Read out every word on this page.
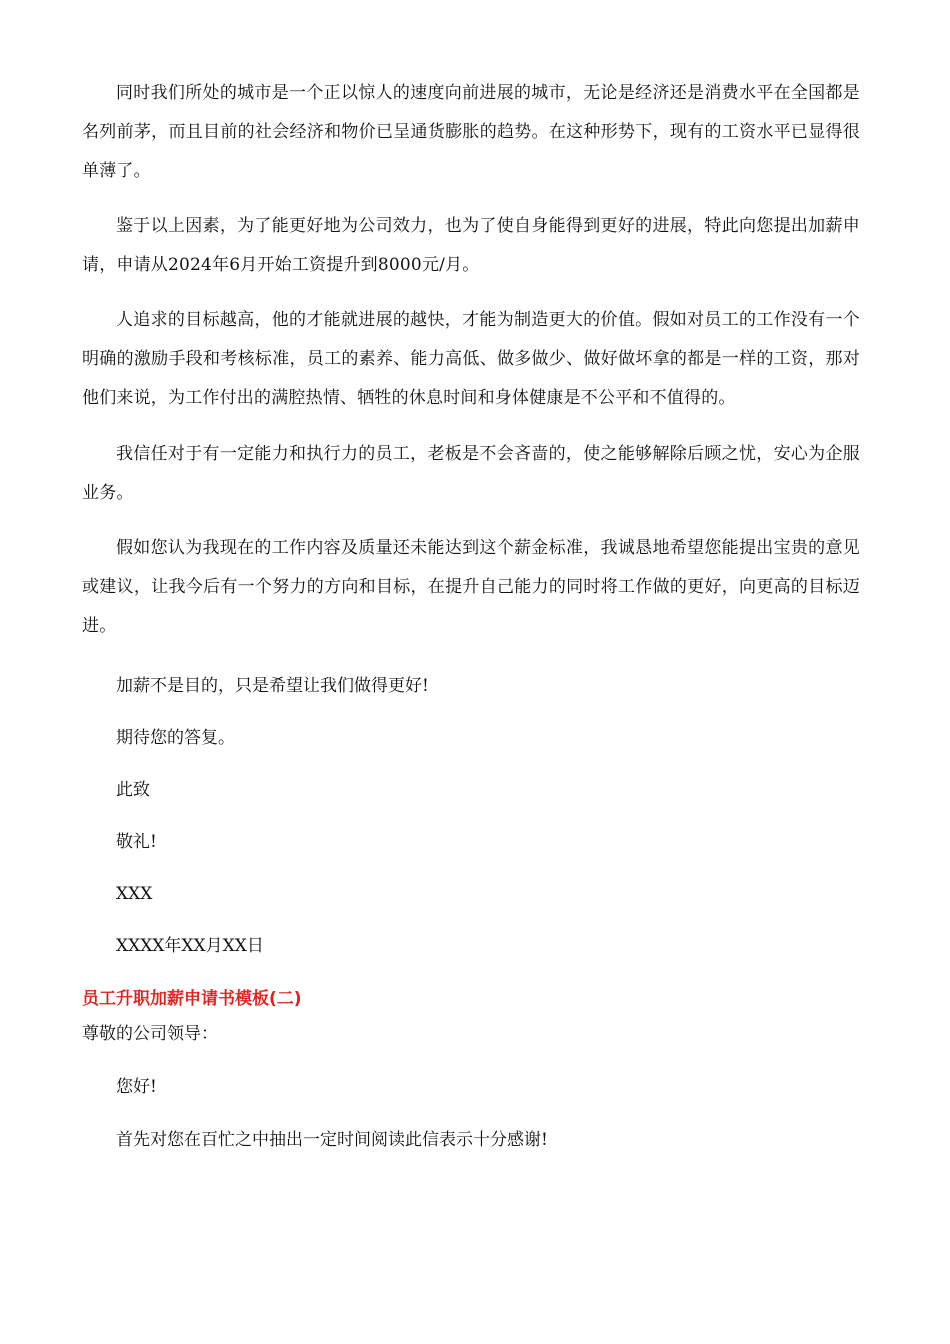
同时我们所处的城市是一个正以惊人的速度向前进展的城市，无论是经济还是消费水平在全国都是名列前茅，而且目前的社会经济和物价已呈通货膨胀的趋势。在这种形势下，现有的工资水平已显得很单薄了。

鉴于以上因素，为了能更好地为公司效力，也为了使自身能得到更好的进展，特此向您提出加薪申请，申请从2024年6月开始工资提升到8000元/月。

人追求的目标越高，他的才能就进展的越快，才能为制造更大的价值。假如对员工的工作没有一个明确的激励手段和考核标准，员工的素养、能力高低、做多做少、做好做坏拿的都是一样的工资，那对他们来说，为工作付出的满腔热情、牺牲的休息时间和身体健康是不公平和不值得的。

我信任对于有一定能力和执行力的员工，老板是不会吝啬的，使之能够解除后顾之忧，安心为企服业务。

假如您认为我现在的工作内容及质量还未能达到这个薪金标准，我诚恳地希望您能提出宝贵的意见或建议，让我今后有一个努力的方向和目标，在提升自己能力的同时将工作做的更好，向更高的目标迈进。

加薪不是目的，只是希望让我们做得更好!

期待您的答复。

此致

敬礼!

XXX

XXXX年XX月XX日

员工升职加薪申请书模板(二)

尊敬的公司领导：

您好!

首先对您在百忙之中抽出一定时间阅读此信表示十分感谢!
